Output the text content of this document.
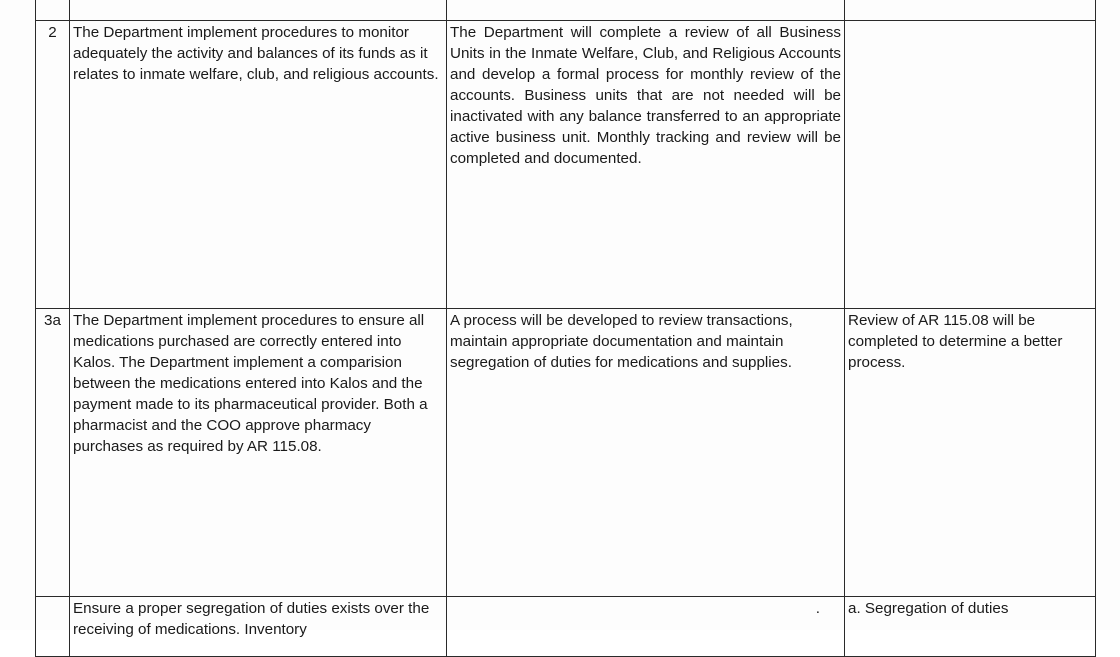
2	The Department implement procedures to monitor adequately the activity and balances of its funds as it relates to inmate welfare, club, and religious accounts.	The Department will complete a review of all Business Units in the Inmate Welfare, Club, and Religious Accounts and develop a formal process for monthly review of the accounts. Business units that are not needed will be inactivated with any balance transferred to an appropriate active business unit. Monthly tracking and review will be completed and documented.	

3a	The Department implement procedures to ensure all medications purchased are correctly entered into Kalos. The Department implement a comparision between the medications entered into Kalos and the payment made to its pharmaceutical provider. Both a pharmacist and the COO approve pharmacy purchases as required by AR 115.08.	A process will be developed to review transactions, maintain appropriate documentation and maintain segregation of duties for medications and supplies.	Review of AR 115.08 will be completed to determine a better process.
	Ensure a proper segregation of duties exists over the receiving of medications. Inventory	.	a. Segregation of duties
